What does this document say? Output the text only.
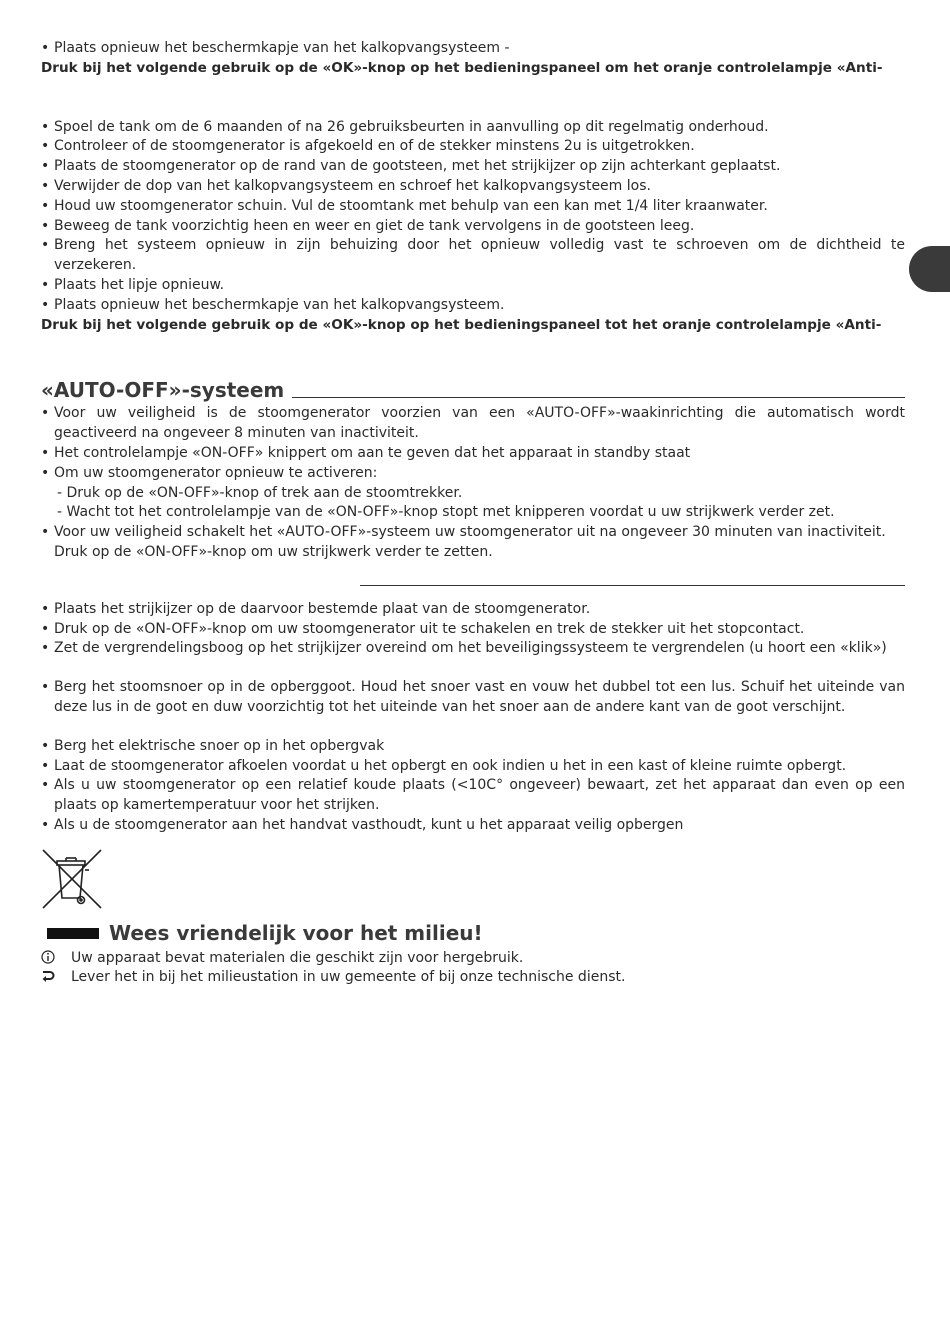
• Plaats opnieuw het beschermkapje van het kalkopvangsysteem -
Druk bij het volgende gebruik op de «OK»-knop op het bedieningspaneel om het oranje controlelampje «Anti-
• Spoel de tank om de 6 maanden of na 26 gebruiksbeurten in aanvulling op dit regelmatig onderhoud.
• Controleer of de stoomgenerator is afgekoeld en of de stekker minstens 2u is uitgetrokken.
• Plaats de stoomgenerator op de rand van de gootsteen, met het strijkijzer op zijn achterkant geplaatst.
• Verwijder de dop van het kalkopvangsysteem en schroef het kalkopvangsysteem los.
• Houd uw stoomgenerator schuin. Vul de stoomtank met behulp van een kan met 1/4 liter kraanwater.
• Beweeg de tank voorzichtig heen en weer en giet de tank vervolgens in de gootsteen leeg.
• Breng het systeem opnieuw in zijn behuizing door het opnieuw volledig vast te schroeven om de dichtheid te verzekeren.
• Plaats het lipje opnieuw.
• Plaats opnieuw het beschermkapje van het kalkopvangsysteem.
Druk bij het volgende gebruik op de «OK»-knop op het bedieningspaneel tot het oranje controlelampje «Anti-
«AUTO-OFF»-systeem
• Voor uw veiligheid is de stoomgenerator voorzien van een «AUTO-OFF»-waakinrichting die automatisch wordt geactiveerd na ongeveer 8 minuten van inactiviteit.
• Het controlelampje «ON-OFF» knippert om aan te geven dat het apparaat in standby staat
• Om uw stoomgenerator opnieuw te activeren:
- Druk op de «ON-OFF»-knop of trek aan de stoomtrekker.
- Wacht tot het controlelampje van de «ON-OFF»-knop stopt met knipperen voordat u uw strijkwerk verder zet.
• Voor uw veiligheid schakelt het «AUTO-OFF»-systeem uw stoomgenerator uit na ongeveer 30 minuten van inactiviteit.
Druk op de «ON-OFF»-knop om uw strijkwerk verder te zetten.
• Plaats het strijkijzer op de daarvoor bestemde plaat van de stoomgenerator.
• Druk op de «ON-OFF»-knop om uw stoomgenerator uit te schakelen en trek de stekker uit het stopcontact.
• Zet de vergrendelingsboog op het strijkijzer overeind om het beveiligingssysteem te vergrendelen (u hoort een «klik»)
• Berg het stoomsnoer op in de opberggoot. Houd het snoer vast en vouw het dubbel tot een lus. Schuif het uiteinde van deze lus in de goot en duw voorzichtig tot het uiteinde van het snoer aan de andere kant van de goot verschijnt.
• Berg het elektrische snoer op in het opbergvak
• Laat de stoomgenerator afkoelen voordat u het opbergt en ook indien u het in een kast of kleine ruimte opbergt.
• Als u uw stoomgenerator op een relatief koude plaats (<10C° ongeveer) bewaart, zet het apparaat dan even op een plaats op kamertemperatuur voor het strijken.
• Als u de stoomgenerator aan het handvat vasthoudt, kunt u het apparaat veilig opbergen
Wees vriendelijk voor het milieu!
Uw apparaat bevat materialen die geschikt zijn voor hergebruik.
Lever het in bij het milieustation in uw gemeente of bij onze technische dienst.
